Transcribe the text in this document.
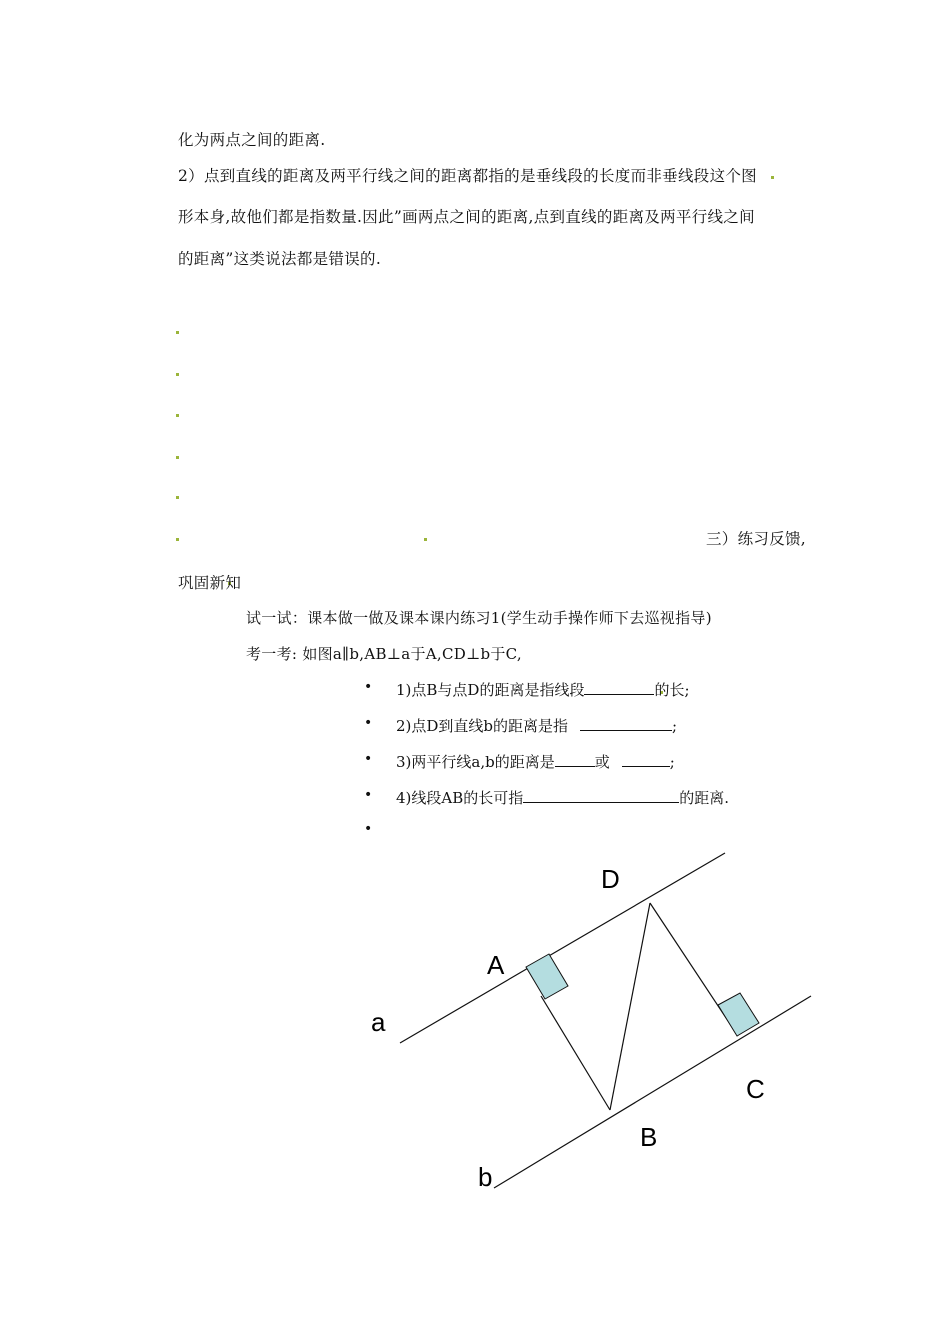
化为两点之间的距离.
2）点到直线的距离及两平行线之间的距离都指的是垂线段的长度而非垂线段这个图
形本身,故他们都是指数量.因此”画两点之间的距离,点到直线的距离及两平行线之间
的距离”这类说法都是错误的.
三）练习反馈,
巩固新知
试一试：课本做一做及课本课内练习1(学生动手操作师下去巡视指导)
考一考: 如图a∥b,AB⊥a于A,CD⊥b于C,
• 1)点B与点D的距离是指线段	的长;
• 2)点D到直线b的距离是指	;
• 3)两平行线a,b的距离是	或	;
• 4)线段AB的长可指	的距离.
•
D
A
a
C
B
b
